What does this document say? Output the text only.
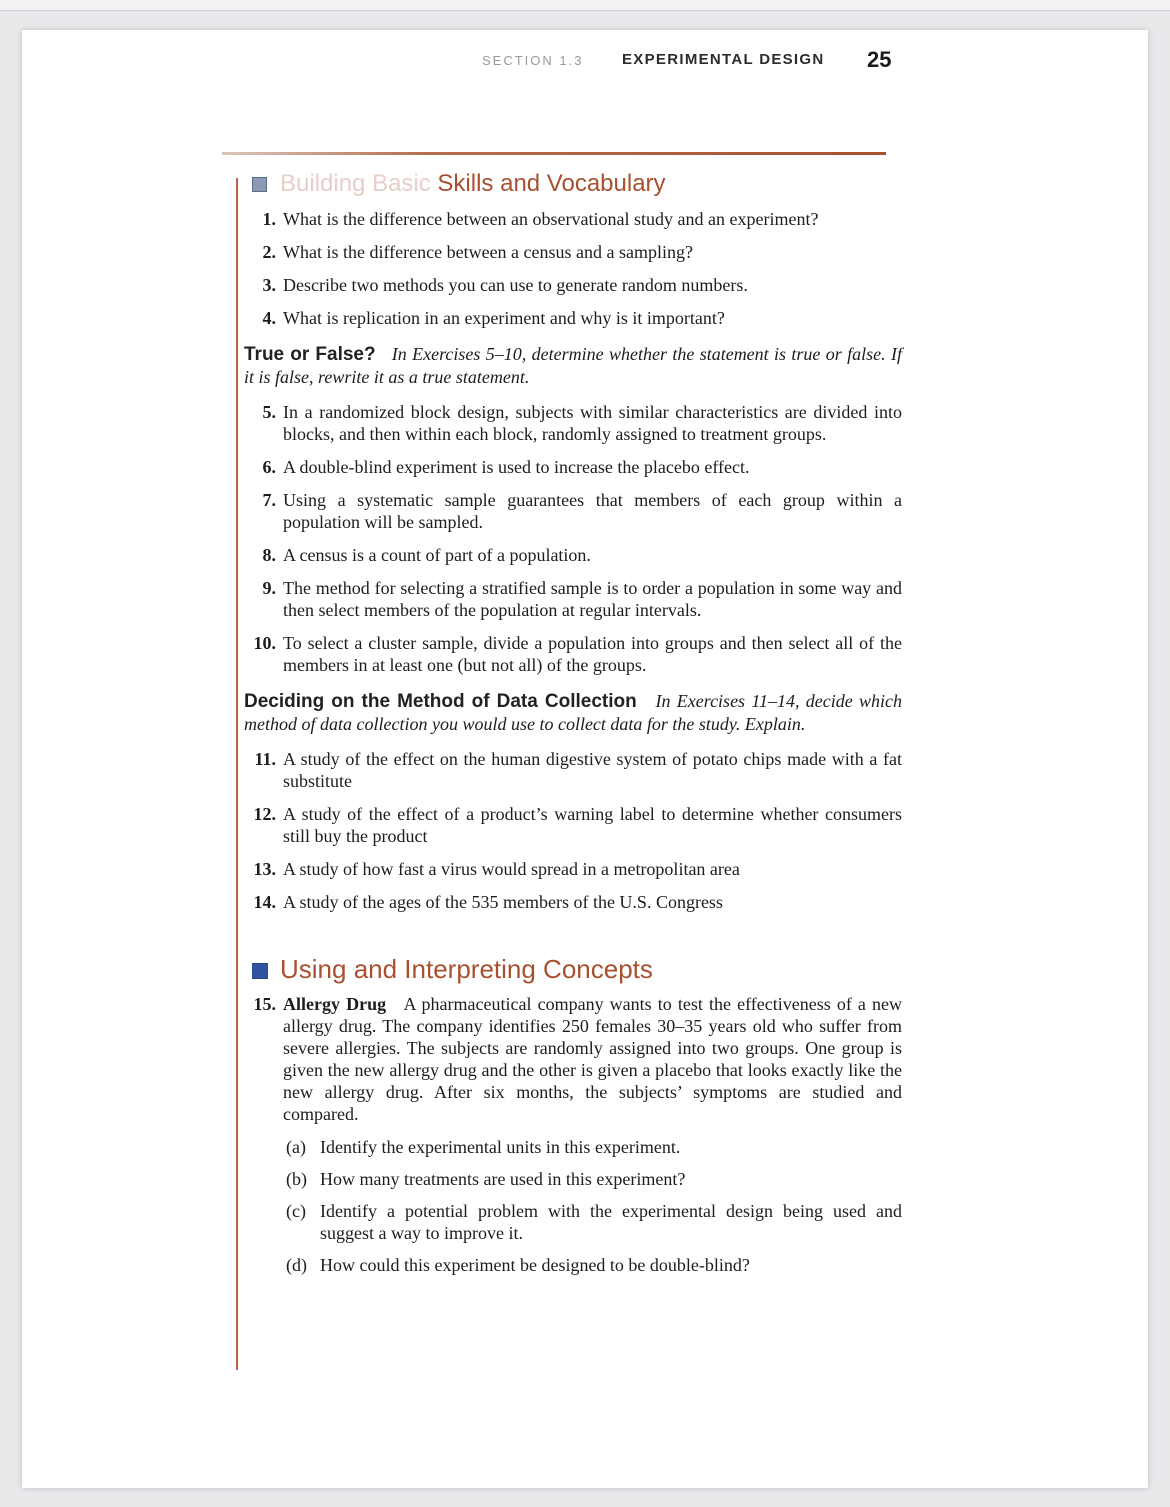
SECTION 1.3	EXPERIMENTAL DESIGN 25
Building Basic Skills and Vocabulary
1. What is the difference between an observational study and an experiment?
2. What is the difference between a census and a sampling?
3. Describe two methods you can use to generate random numbers.
4. What is replication in an experiment and why is it important?

True or False? In Exercises 5–10, determine whether the statement is true or false. If it is false, rewrite it as a true statement.

5. In a randomized block design, subjects with similar characteristics are divided into blocks, and then within each block, randomly assigned to treatment groups.
6. A double-blind experiment is used to increase the placebo effect.
7. Using a systematic sample guarantees that members of each group within a population will be sampled.
8. A census is a count of part of a population.
9. The method for selecting a stratified sample is to order a population in some way and then select members of the population at regular intervals.
10. To select a cluster sample, divide a population into groups and then select all of the members in at least one (but not all) of the groups.

Deciding on the Method of Data Collection In Exercises 11–14, decide which method of data collection you would use to collect data for the study. Explain.

11. A study of the effect on the human digestive system of potato chips made with a fat substitute
12. A study of the effect of a product’s warning label to determine whether consumers still buy the product
13. A study of how fast a virus would spread in a metropolitan area
14. A study of the ages of the 535 members of the U.S. Congress
Using and Interpreting Concepts
15. Allergy Drug A pharmaceutical company wants to test the effectiveness of a new allergy drug. The company identifies 250 females 30–35 years old who suffer from severe allergies. The subjects are randomly assigned into two groups. One group is given the new allergy drug and the other is given a placebo that looks exactly like the new allergy drug. After six months, the subjects’ symptoms are studied and compared.
(a) Identify the experimental units in this experiment.
(b) How many treatments are used in this experiment?
(c) Identify a potential problem with the experimental design being used and suggest a way to improve it.
(d) How could this experiment be designed to be double-blind?
